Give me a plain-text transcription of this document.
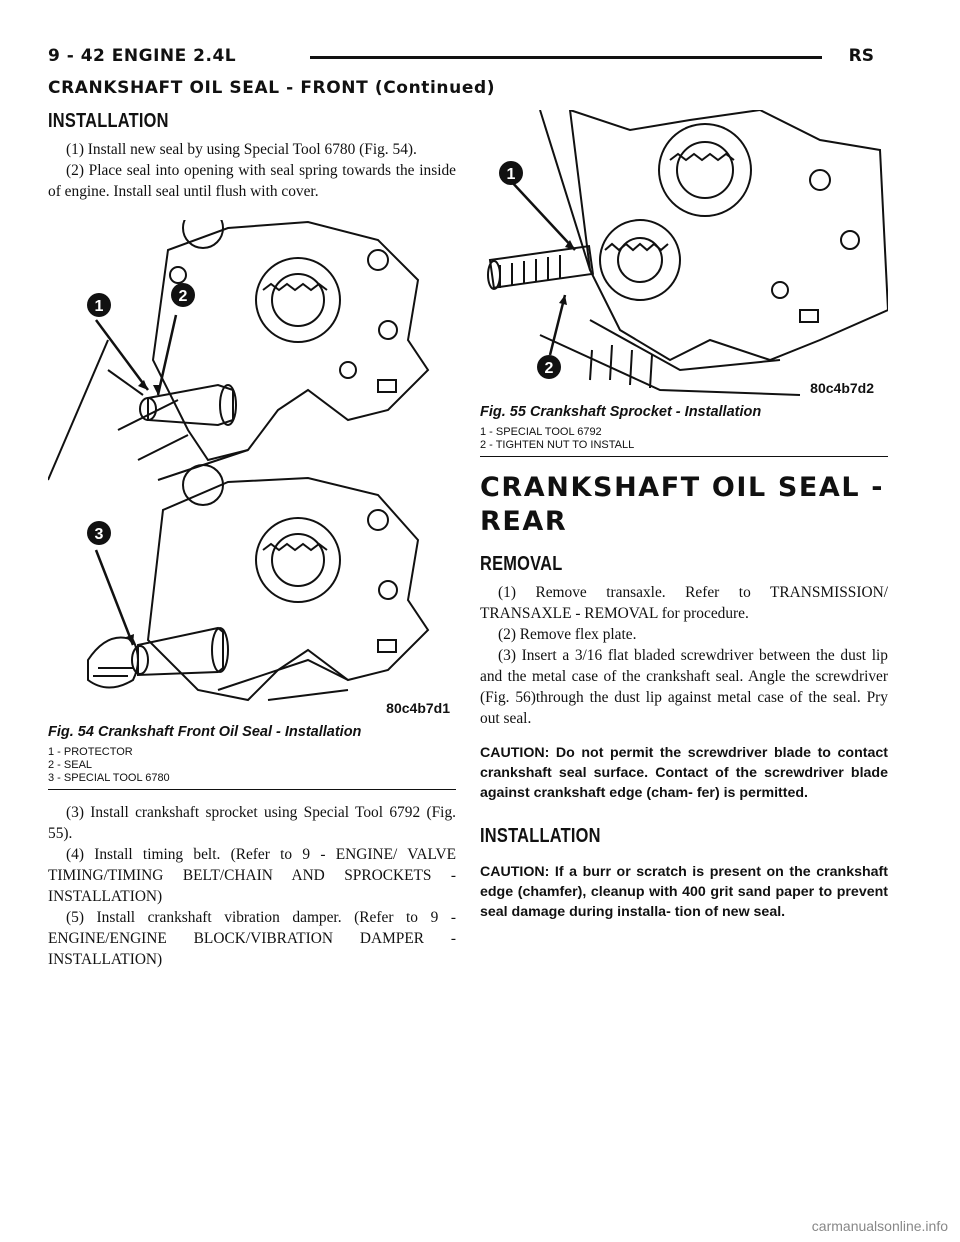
9 - 42 ENGINE 2.4L	RS
CRANKSHAFT OIL SEAL - FRONT (Continued)
INSTALLATION

(1) Install new seal by using Special Tool 6780 (Fig. 54).

(2) Place seal into opening with seal spring towards the inside of engine. Install seal until flush with cover.

1
2
3
80c4b7d1
Fig. 54 Crankshaft Front Oil Seal - Installation
1 - PROTECTOR
2 - SEAL
3 - SPECIAL TOOL 6780

(3) Install crankshaft sprocket using Special Tool 6792 (Fig. 55).

(4) Install timing belt. (Refer to 9 - ENGINE/ VALVE TIMING/TIMING BELT/CHAIN AND SPROCKETS - INSTALLATION)

(5) Install crankshaft vibration damper. (Refer to 9 - ENGINE/ENGINE BLOCK/VIBRATION DAMPER - INSTALLATION)

1
2
80c4b7d2
Fig. 55 Crankshaft Sprocket - Installation
1 - SPECIAL TOOL 6792
2 - TIGHTEN NUT TO INSTALL
CRANKSHAFT OIL SEAL -
REAR
REMOVAL

(1) Remove transaxle. Refer to TRANSMISSION/ TRANSAXLE - REMOVAL for procedure.

(2) Remove flex plate.

(3) Insert a 3/16 flat bladed screwdriver between the dust lip and the metal case of the crankshaft seal. Angle the screwdriver (Fig. 56)through the dust lip against metal case of the seal. Pry out seal.

CAUTION: Do not permit the screwdriver blade to contact crankshaft seal surface. Contact of the screwdriver blade against crankshaft edge (cham- fer) is permitted.

INSTALLATION

CAUTION: If a burr or scratch is present on the crankshaft edge (chamfer), cleanup with 400 grit sand paper to prevent seal damage during installa- tion of new seal.

carmanualsonline.info
